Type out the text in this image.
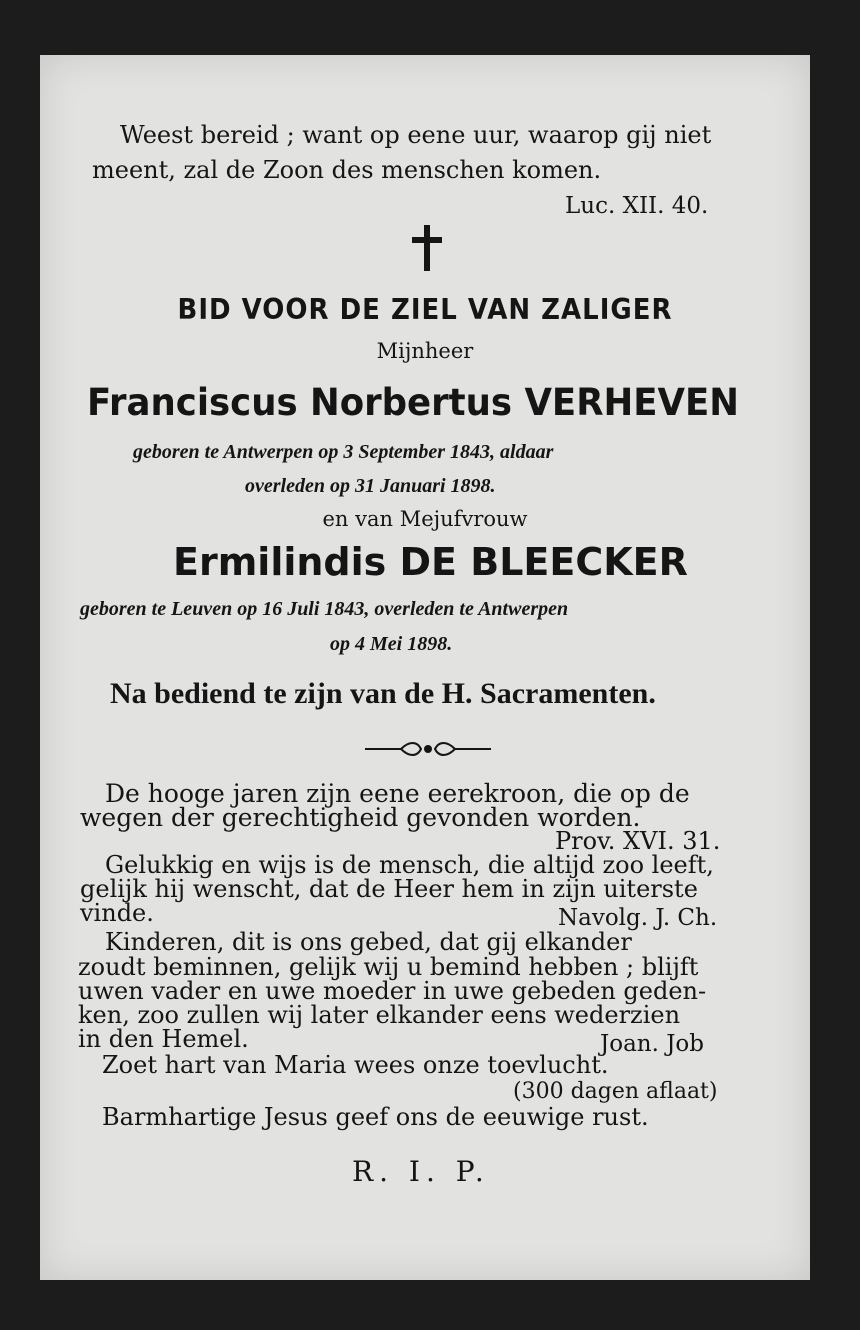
Weest bereid ; want op eene uur, waarop gij niet
meent, zal de Zoon des menschen komen.
Luc. XII. 40.
BID VOOR DE ZIEL VAN ZALIGER
Mijnheer
Franciscus Norbertus VERHEVEN
geboren te Antwerpen op 3 September 1843, aldaar
overleden op 31 Januari 1898.
en van Mejufvrouw
Ermilindis DE BLEECKER
geboren te Leuven op 16 Juli 1843, overleden te Antwerpen
op 4 Mei 1898.
Na bediend te zijn van de H. Sacramenten.
De hooge jaren zijn eene eerekroon, die op de
wegen der gerechtigheid gevonden worden.
Prov. XVI. 31.
Gelukkig en wijs is de mensch, die altijd zoo leeft,
gelijk hij wenscht, dat de Heer hem in zijn uiterste
vinde.	Navolg. J. Ch.
Kinderen, dit is ons gebed, dat gij elkander
zoudt beminnen, gelijk wij u bemind hebben ; blijft
uwen vader en uwe moeder in uwe gebeden geden-
ken, zoo zullen wij later elkander eens wederzien
in den Hemel.	Joan. Job
Zoet hart van Maria wees onze toevlucht.
(300 dagen aflaat)
Barmhartige Jesus geef ons de eeuwige rust.
R. I. P.
